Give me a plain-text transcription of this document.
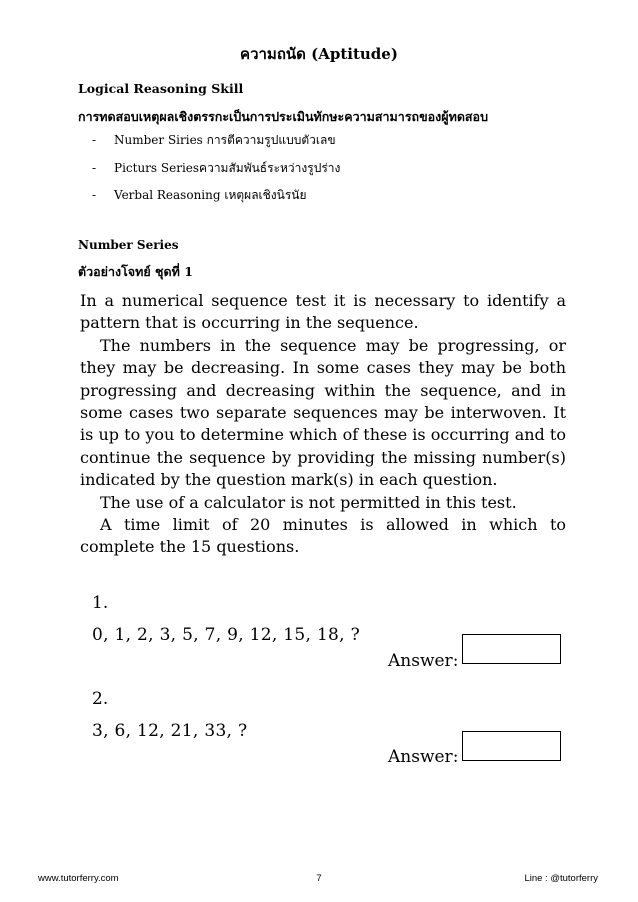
ความถนัด (Aptitude)
Logical Reasoning Skill
การทดสอบเหตุผลเชิงตรรกะเป็นการประเมินทักษะความสามารถของผู้ทดสอบ
- Number Siries การตีความรูปแบบตัวเลข
- Picturs Seriesความสัมพันธ์ระหว่างรูปร่าง
- Verbal Reasoning เหตุผลเชิงนิรนัย
Number Series
ตัวอย่างโจทย์ ชุดที่ 1

In a numerical sequence test it is necessary to identify a pattern that is occurring in the sequence.

The numbers in the sequence may be progressing, or they may be decreasing. In some cases they may be both progressing and decreasing within the sequence, and in some cases two separate sequences may be interwoven. It is up to you to determine which of these is occurring and to continue the sequence by providing the missing number(s) indicated by the question mark(s) in each question.

The use of a calculator is not permitted in this test.

A time limit of 20 minutes is allowed in which to complete the 15 questions.

1.
0, 1, 2, 3, 5, 7, 9, 12, 15, 18, ?
Answer:
2.
3, 6, 12, 21, 33, ?
Answer:
www.tutorferry.com	7	Line : @tutorferry
